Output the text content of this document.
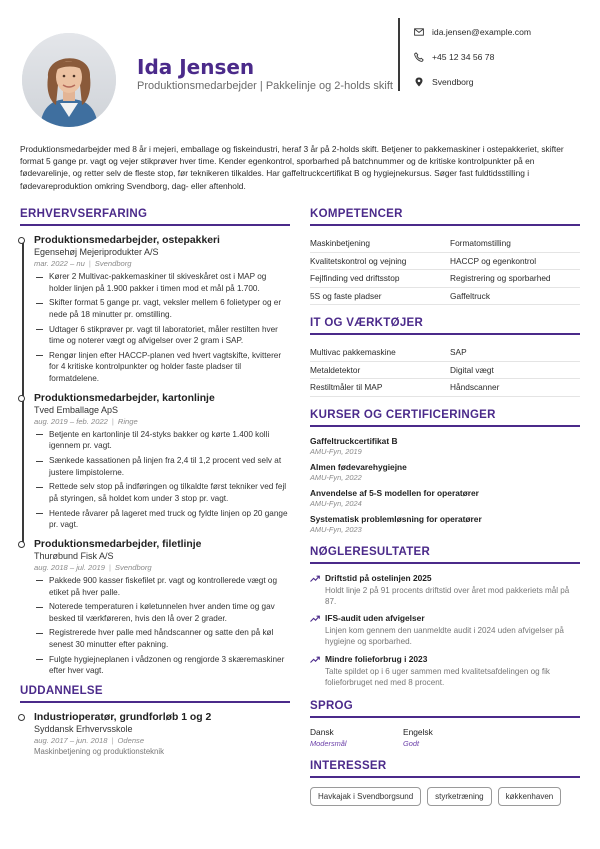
Ida Jensen
Produktionsmedarbejder | Pakkelinje og 2-holds skift
ida.jensen@example.com
+45 12 34 56 78
Svendborg
Produktionsmedarbejder med 8 år i mejeri, emballage og fiskeindustri, heraf 3 år på 2-holds skift. Betjener to pakkemaskiner i ostepakkeriet, skifter format 5 gange pr. vagt og vejer stikprøver hver time. Kender egenkontrol, sporbarhed på batchnummer og de kritiske kontrolpunkter på en fødevarelinje, og retter selv de fleste stop, før teknikeren tilkaldes. Har gaffeltruckcertifikat B og hygiejnekursus. Søger fast fuldtidsstilling i fødevareproduktion omkring Svendborg, dag- eller aftenhold.
ERHVERVSERFARING
Produktionsmedarbejder, ostepakkeri
Egensehøj Mejeriprodukter A/S
mar. 2022 – nu | Svendborg
Kører 2 Multivac-pakkemaskiner til skiveskåret ost i MAP og holder linjen på 1.900 pakker i timen mod et mål på 1.700.
Skifter format 5 gange pr. vagt, veksler mellem 6 folietyper og er nede på 18 minutter pr. omstilling.
Udtager 6 stikprøver pr. vagt til laboratoriet, måler restilten hver time og noterer vægt og afvigelser over 2 gram i SAP.
Rengør linjen efter HACCP-planen ved hvert vagtskifte, kvitterer for 4 kritiske kontrolpunkter og holder faste pladser til formatdelene.
Produktionsmedarbejder, kartonlinje
Tved Emballage ApS
aug. 2019 – feb. 2022 | Ringe
Betjente en kartonlinje til 24-styks bakker og kørte 1.400 kolli igennem pr. vagt.
Sænkede kassationen på linjen fra 2,4 til 1,2 procent ved selv at justere limpistolerne.
Rettede selv stop på indføringen og tilkaldte først tekniker ved fejl på styringen, så holdet kom under 3 stop pr. vagt.
Hentede råvarer på lageret med truck og fyldte linjen op 20 gange pr. vagt.
Produktionsmedarbejder, filetlinje
Thurøbund Fisk A/S
aug. 2018 – jul. 2019 | Svendborg
Pakkede 900 kasser fiskefilet pr. vagt og kontrollerede vægt og etiket på hver palle.
Noterede temperaturen i køletunnelen hver anden time og gav besked til værkføreren, hvis den lå over 2 grader.
Registrerede hver palle med håndscanner og satte den på køl senest 30 minutter efter pakning.
Fulgte hygiejneplanen i vådzonen og rengjorde 3 skæremaskiner efter hver vagt.
UDDANNELSE
Industrioperatør, grundforløb 1 og 2
Syddansk Erhvervsskole
aug. 2017 – jun. 2018 | Odense
Maskinbetjening og produktionsteknik
KOMPETENCER
Maskinbetjening	Formatomstilling
Kvalitetskontrol og vejning	HACCP og egenkontrol
Fejlfinding ved driftsstop	Registrering og sporbarhed
5S og faste pladser	Gaffeltruck
IT OG VÆRKTØJER
Multivac pakkemaskine	SAP
Metaldetektor	Digital vægt
Restiltmåler til MAP	Håndscanner
KURSER OG CERTIFICERINGER
Gaffeltruckcertifikat B
AMU-Fyn, 2019
Almen fødevarehygiejne
AMU-Fyn, 2022
Anvendelse af 5-S modellen for operatører
AMU-Fyn, 2024
Systematisk problemløsning for operatører
AMU-Fyn, 2023
NØGLERESULTATER
Driftstid på ostelinjen 2025
Holdt linje 2 på 91 procents driftstid over året mod pakkeriets mål på 87.
IFS-audit uden afvigelser
Linjen kom gennem den uanmeldte audit i 2024 uden afvigelser på hygiejne og sporbarhed.
Mindre folieforbrug i 2023
Talte spildet op i 6 uger sammen med kvalitetsafdelingen og fik folieforbruget ned med 8 procent.
SPROG
Dansk
Modersmål
Engelsk
Godt
INTERESSER
Havkajak i Svendborgsund	styrketræning	køkkenhaven
